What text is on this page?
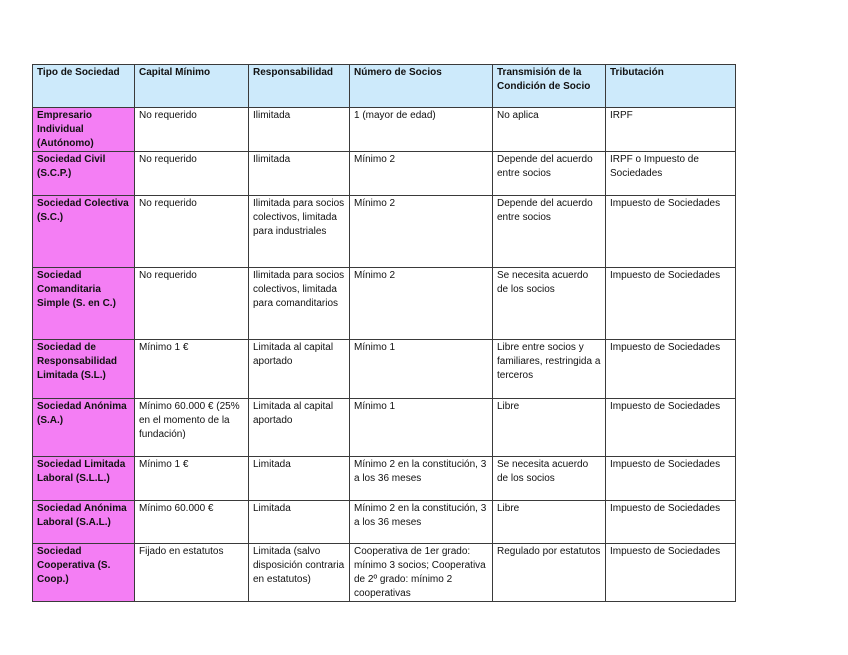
Tipo de Sociedad	Capital Mínimo	Responsabilidad	Número de Socios	Transmisión de la Condición de Socio	Tributación
Empresario Individual (Autónomo)	No requerido	Ilimitada	1 (mayor de edad)	No aplica	IRPF
Sociedad Civil (S.C.P.)	No requerido	Ilimitada	Mínimo 2	Depende del acuerdo entre socios	IRPF o Impuesto de Sociedades
Sociedad Colectiva (S.C.)	No requerido	Ilimitada para socios colectivos, limitada para industriales	Mínimo 2	Depende del acuerdo entre socios	Impuesto de Sociedades
Sociedad Comanditaria Simple (S. en C.)	No requerido	Ilimitada para socios colectivos, limitada para comanditarios	Mínimo 2	Se necesita acuerdo de los socios	Impuesto de Sociedades
Sociedad de Responsabilidad Limitada (S.L.)	Mínimo 1 €	Limitada al capital aportado	Mínimo 1	Libre entre socios y familiares, restringida a terceros	Impuesto de Sociedades
Sociedad Anónima (S.A.)	Mínimo 60.000 € (25% en el momento de la fundación)	Limitada al capital aportado	Mínimo 1	Libre	Impuesto de Sociedades
Sociedad Limitada Laboral (S.L.L.)	Mínimo 1 €	Limitada	Mínimo 2 en la constitución, 3 a los 36 meses	Se necesita acuerdo de los socios	Impuesto de Sociedades
Sociedad Anónima Laboral (S.A.L.)	Mínimo 60.000 €	Limitada	Mínimo 2 en la constitución, 3 a los 36 meses	Libre	Impuesto de Sociedades
Sociedad Cooperativa (S. Coop.)	Fijado en estatutos	Limitada (salvo disposición contraria en estatutos)	Cooperativa de 1er grado: mínimo 3 socios; Cooperativa de 2º grado: mínimo 2 cooperativas	Regulado por estatutos	Impuesto de Sociedades
